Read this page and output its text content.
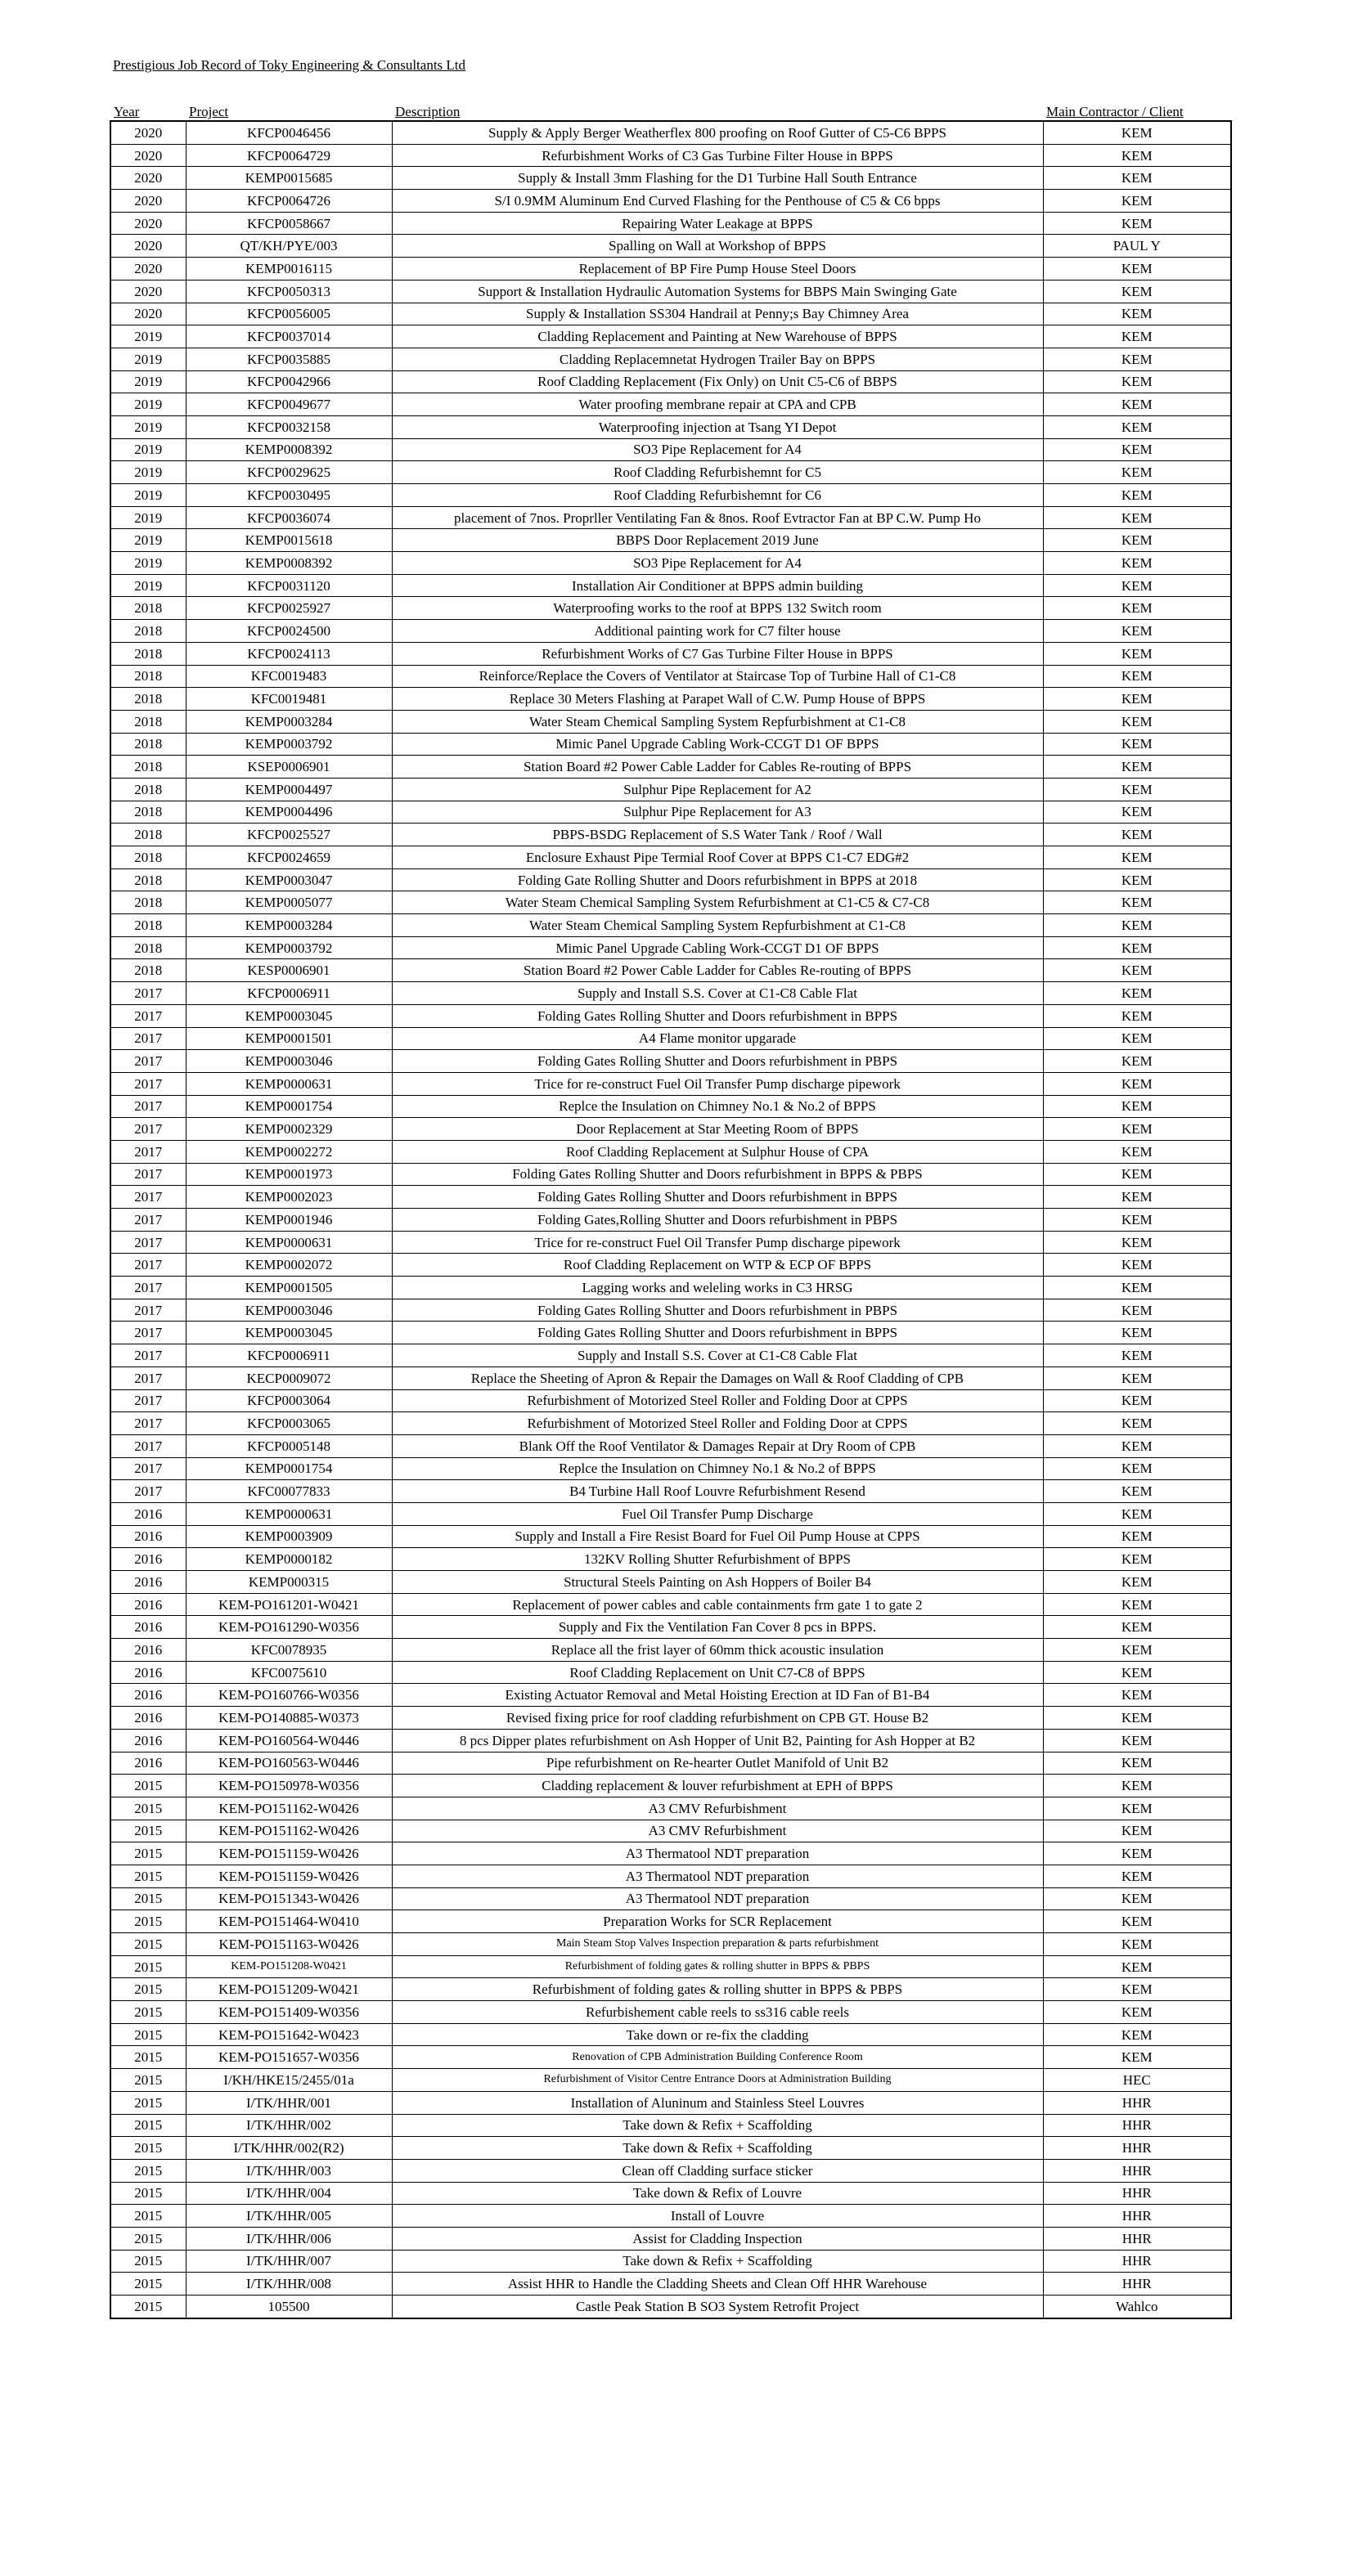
Prestigious Job Record of Toky Engineering & Consultants Ltd
Year	Project	Description	Main Contractor / Client
2020	KFCP0046456	Supply & Apply Berger Weatherflex 800 proofing on Roof Gutter of C5-C6 BPPS	KEM
2020	KFCP0064729	Refurbishment Works of C3 Gas Turbine Filter House in BPPS	KEM
2020	KEMP0015685	Supply & Install 3mm Flashing for the D1 Turbine Hall South Entrance	KEM
2020	KFCP0064726	S/I 0.9MM Aluminum End Curved Flashing for the Penthouse of C5 & C6 bpps	KEM
2020	KFCP0058667	Repairing Water Leakage at BPPS	KEM
2020	QT/KH/PYE/003	Spalling on Wall at Workshop of BPPS	PAUL Y
2020	KEMP0016115	Replacement of BP Fire Pump House Steel Doors	KEM
2020	KFCP0050313	Support & Installation Hydraulic Automation Systems for BBPS Main Swinging Gate	KEM
2020	KFCP0056005	Supply & Installation SS304 Handrail at Penny;s Bay Chimney Area	KEM
2019	KFCP0037014	Cladding Replacement and Painting at New Warehouse of BPPS	KEM
2019	KFCP0035885	Cladding Replacemnetat Hydrogen Trailer Bay on BPPS	KEM
2019	KFCP0042966	Roof Cladding Replacement (Fix Only) on Unit C5-C6 of BBPS	KEM
2019	KFCP0049677	Water proofing membrane repair at CPA and CPB	KEM
2019	KFCP0032158	Waterproofing injection at Tsang YI Depot	KEM
2019	KEMP0008392	SO3 Pipe Replacement for A4	KEM
2019	KFCP0029625	Roof Cladding Refurbishemnt for C5	KEM
2019	KFCP0030495	Roof Cladding Refurbishemnt for C6	KEM
2019	KFCP0036074	placement of 7nos. Proprller Ventilating Fan & 8nos. Roof Evtractor Fan at BP C.W. Pump Ho	KEM
2019	KEMP0015618	BBPS Door Replacement 2019 June	KEM
2019	KEMP0008392	SO3 Pipe Replacement for A4	KEM
2019	KFCP0031120	Installation Air Conditioner at BPPS admin building	KEM
2018	KFCP0025927	Waterproofing works to the roof at BPPS 132 Switch room	KEM
2018	KFCP0024500	Additional painting work for C7 filter house	KEM
2018	KFCP0024113	Refurbishment Works of C7 Gas Turbine Filter House in BPPS	KEM
2018	KFC0019483	Reinforce/Replace the Covers of Ventilator at Staircase Top of Turbine Hall of C1-C8	KEM
2018	KFC0019481	Replace 30 Meters Flashing at Parapet Wall of C.W. Pump House of BPPS	KEM
2018	KEMP0003284	Water Steam Chemical Sampling System Repfurbishment at C1-C8	KEM
2018	KEMP0003792	Mimic Panel Upgrade Cabling Work-CCGT D1 OF BPPS	KEM
2018	KSEP0006901	Station Board #2 Power Cable Ladder for Cables Re-routing of BPPS	KEM
2018	KEMP0004497	Sulphur Pipe Replacement for A2	KEM
2018	KEMP0004496	Sulphur Pipe Replacement for A3	KEM
2018	KFCP0025527	PBPS-BSDG Replacement of S.S Water Tank / Roof / Wall	KEM
2018	KFCP0024659	Enclosure Exhaust Pipe Termial Roof Cover at BPPS C1-C7 EDG#2	KEM
2018	KEMP0003047	Folding Gate Rolling Shutter and Doors refurbishment in BPPS at 2018	KEM
2018	KEMP0005077	Water Steam Chemical Sampling System Refurbishment at C1-C5 & C7-C8	KEM
2018	KEMP0003284	Water Steam Chemical Sampling System Repfurbishment at C1-C8	KEM
2018	KEMP0003792	Mimic Panel Upgrade Cabling Work-CCGT D1 OF BPPS	KEM
2018	KESP0006901	Station Board #2 Power Cable Ladder for Cables Re-routing of BPPS	KEM
2017	KFCP0006911	Supply and Install S.S. Cover at C1-C8 Cable Flat	KEM
2017	KEMP0003045	Folding Gates Rolling Shutter and Doors refurbishment in BPPS	KEM
2017	KEMP0001501	A4 Flame monitor upgarade	KEM
2017	KEMP0003046	Folding Gates Rolling Shutter and Doors refurbishment in PBPS	KEM
2017	KEMP0000631	Trice for re-construct Fuel Oil Transfer Pump discharge pipework	KEM
2017	KEMP0001754	Replce the Insulation on Chimney No.1 & No.2 of BPPS	KEM
2017	KEMP0002329	Door Replacement at Star Meeting Room of BPPS	KEM
2017	KEMP0002272	Roof Cladding Replacement at Sulphur House of CPA	KEM
2017	KEMP0001973	Folding Gates Rolling Shutter and Doors refurbishment in BPPS & PBPS	KEM
2017	KEMP0002023	Folding Gates Rolling Shutter and Doors refurbishment in BPPS	KEM
2017	KEMP0001946	Folding Gates,Rolling Shutter and Doors refurbishment in PBPS	KEM
2017	KEMP0000631	Trice for re-construct Fuel Oil Transfer Pump discharge pipework	KEM
2017	KEMP0002072	Roof Cladding Replacement on WTP & ECP OF BPPS	KEM
2017	KEMP0001505	Lagging works and weleling works in C3 HRSG	KEM
2017	KEMP0003046	Folding Gates Rolling Shutter and Doors refurbishment in PBPS	KEM
2017	KEMP0003045	Folding Gates Rolling Shutter and Doors refurbishment in BPPS	KEM
2017	KFCP0006911	Supply and Install S.S. Cover at C1-C8 Cable Flat	KEM
2017	KECP0009072	Replace the Sheeting of Apron & Repair the Damages on Wall & Roof Cladding of CPB	KEM
2017	KFCP0003064	Refurbishment of Motorized Steel Roller and Folding Door at CPPS	KEM
2017	KFCP0003065	Refurbishment of Motorized Steel Roller and Folding Door at CPPS	KEM
2017	KFCP0005148	Blank Off the Roof Ventilator & Damages Repair at Dry Room of CPB	KEM
2017	KEMP0001754	Replce the Insulation on Chimney No.1 & No.2 of BPPS	KEM
2017	KFC00077833	B4 Turbine Hall Roof Louvre Refurbishment Resend	KEM
2016	KEMP0000631	Fuel Oil Transfer Pump Discharge	KEM
2016	KEMP0003909	Supply and Install a Fire Resist Board for Fuel Oil Pump House at CPPS	KEM
2016	KEMP0000182	132KV Rolling Shutter Refurbishment of BPPS	KEM
2016	KEMP000315	Structural Steels Painting on Ash Hoppers of Boiler B4	KEM
2016	KEM-PO161201-W0421	Replacement of power cables and cable containments frm gate 1 to gate 2	KEM
2016	KEM-PO161290-W0356	Supply and Fix the Ventilation Fan Cover 8 pcs in BPPS.	KEM
2016	KFC0078935	Replace all the frist layer of 60mm thick acoustic insulation	KEM
2016	KFC0075610	Roof Cladding Replacement on Unit C7-C8 of BPPS	KEM
2016	KEM-PO160766-W0356	Existing Actuator Removal and Metal Hoisting Erection at ID Fan of B1-B4	KEM
2016	KEM-PO140885-W0373	Revised fixing price for roof cladding refurbishment on CPB GT. House B2	KEM
2016	KEM-PO160564-W0446	8 pcs Dipper plates refurbishment on Ash Hopper of Unit B2, Painting for Ash Hopper at B2	KEM
2016	KEM-PO160563-W0446	Pipe refurbishment on Re-hearter Outlet Manifold of Unit B2	KEM
2015	KEM-PO150978-W0356	Cladding replacement & louver refurbishment at EPH of BPPS	KEM
2015	KEM-PO151162-W0426	A3 CMV Refurbishment	KEM
2015	KEM-PO151162-W0426	A3 CMV Refurbishment	KEM
2015	KEM-PO151159-W0426	A3 Thermatool NDT preparation	KEM
2015	KEM-PO151159-W0426	A3 Thermatool NDT preparation	KEM
2015	KEM-PO151343-W0426	A3 Thermatool NDT preparation	KEM
2015	KEM-PO151464-W0410	Preparation Works for SCR Replacement	KEM
2015	KEM-PO151163-W0426	Main Steam Stop Valves Inspection preparation & parts refurbishment	KEM
2015	KEM-PO151208-W0421	Refurbishment of folding gates & rolling shutter in BPPS & PBPS	KEM
2015	KEM-PO151209-W0421	Refurbishment of folding gates & rolling shutter in BPPS & PBPS	KEM
2015	KEM-PO151409-W0356	Refurbishement cable reels to ss316 cable reels	KEM
2015	KEM-PO151642-W0423	Take down or re-fix the cladding	KEM
2015	KEM-PO151657-W0356	Renovation of CPB Administration Building Conference Room	KEM
2015	I/KH/HKE15/2455/01a	Refurbishment of Visitor Centre Entrance Doors at Administration Building	HEC
2015	I/TK/HHR/001	Installation of Aluninum and Stainless Steel Louvres	HHR
2015	I/TK/HHR/002	Take down & Refix + Scaffolding	HHR
2015	I/TK/HHR/002(R2)	Take down & Refix + Scaffolding	HHR
2015	I/TK/HHR/003	Clean off Cladding surface sticker	HHR
2015	I/TK/HHR/004	Take down & Refix of Louvre	HHR
2015	I/TK/HHR/005	Install of Louvre	HHR
2015	I/TK/HHR/006	Assist for Cladding Inspection	HHR
2015	I/TK/HHR/007	Take down & Refix + Scaffolding	HHR
2015	I/TK/HHR/008	Assist HHR to Handle the Cladding Sheets and Clean Off HHR Warehouse	HHR
2015	105500	Castle Peak Station B SO3 System Retrofit Project	Wahlco
